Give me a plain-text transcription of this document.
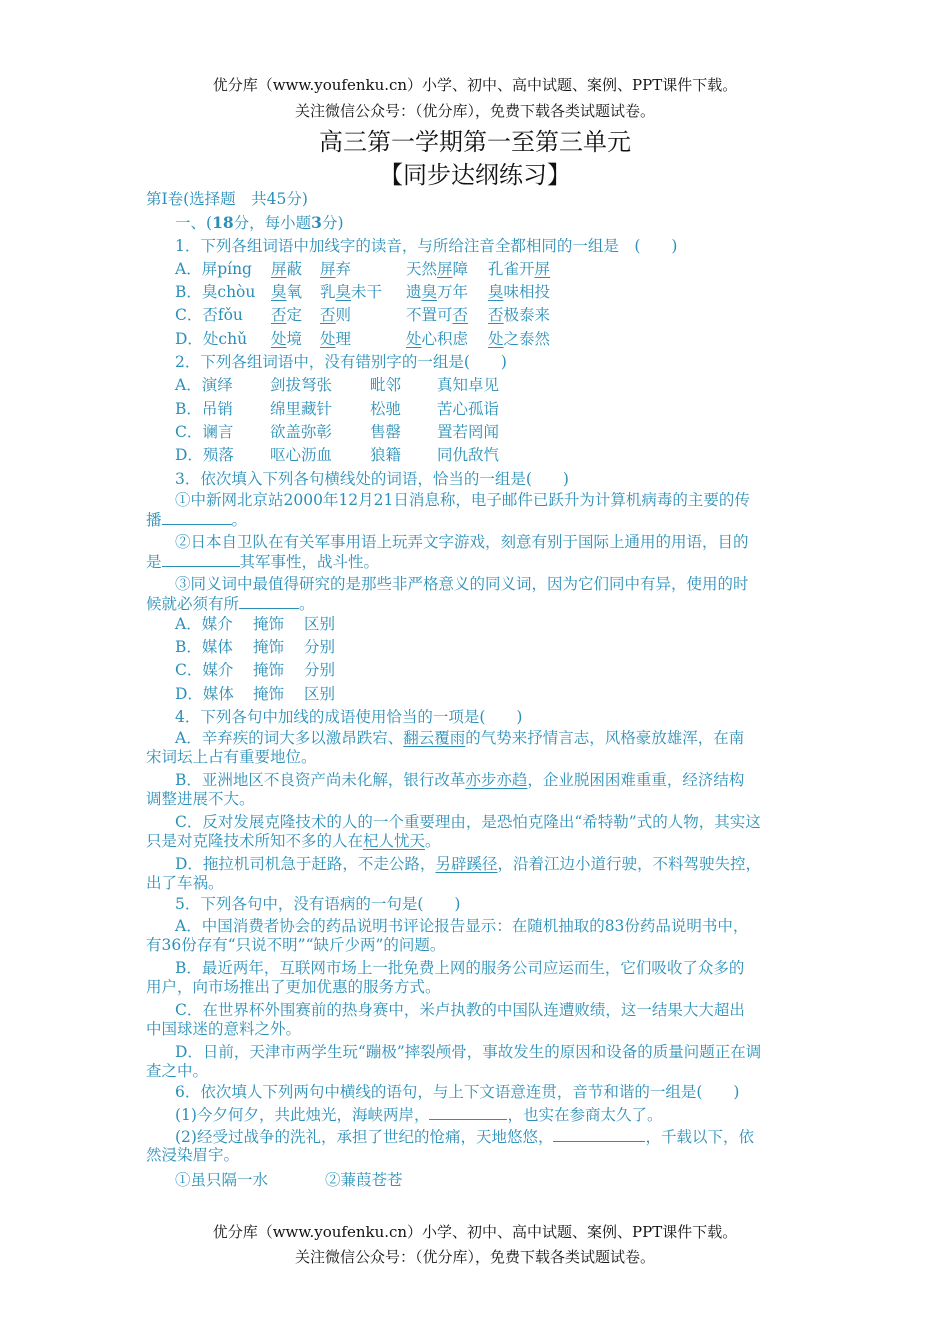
优分库（www.youfenku.cn）小学、初中、高中试题、案例、PPT课件下载。
关注微信公众号：（优分库），免费下载各类试题试卷。
高三第一学期第一至第三单元
【同步达纲练习】
第Ⅰ卷(选择题　共45分)
一、(18分，每小题3分)
1．下列各组词语中加线字的读音，与所给注音全都相同的一组是　(　　)
A．屏píng 屏蔽 屏弃	天然屏障 孔雀开屏
B．臭chòu 臭氧 乳臭未干 遗臭万年 臭味相投
C．否fǒu 否定 否则	不置可否 否极泰来
D．处chǔ 处境 处理	处心积虑 处之泰然
2．下列各组词语中，没有错别字的一组是(　　)
A．演绎 剑拔弩张 毗邻 真知卓见
B．吊销 绵里藏针 松驰 苦心孤诣
C．谰言 欲盖弥彰 售罄 置若罔闻
D．殒落 呕心沥血 狼籍 同仇敌忾
3．依次填入下列各句横线处的词语，恰当的一组是(　　)
①中新网北京站2000年12月21日消息称，电子邮件已跃升为计算机病毒的主要的传
播	。
②日本自卫队在有关军事用语上玩弄文字游戏，刻意有别于国际上通用的用语，目的
是	其军事性，战斗性。
③同义词中最值得研究的是那些非严格意义的同义词，因为它们同中有异，使用的时
候就必须有所	。
A．媒介 掩饰 区别
B．媒体 掩饰 分别
C．媒介 掩饰 分别
D．媒体 掩饰 区别
4．下列各句中加线的成语使用恰当的一项是(　　)
A．辛弃疾的词大多以激昂跌宕、翻云覆雨的气势来抒情言志，风格豪放雄浑，在南
宋词坛上占有重要地位。
B．亚洲地区不良资产尚未化解，银行改革亦步亦趋，企业脱困困难重重，经济结构
调整进展不大。
C．反对发展克隆技术的人的一个重要理由，是恐怕克隆出“希特勒”式的人物，其实这
只是对克隆技术所知不多的人在杞人忧天。
D．拖拉机司机急于赶路，不走公路，另辟蹊径，沿着江边小道行驶，不料驾驶失控，
出了车祸。
5．下列各句中，没有语病的一句是(　　)
A．中国消费者协会的药品说明书评论报告显示：在随机抽取的83份药品说明书中，
有36份存有“只说不明”“缺斤少两”的问题。
B．最近两年，互联网市场上一批免费上网的服务公司应运而生，它们吸收了众多的
用户，向市场推出了更加优惠的服务方式。
C．在世界杯外围赛前的热身赛中，米卢执教的中国队连遭败绩，这一结果大大超出
中国球迷的意料之外。
D．日前，天津市两学生玩“蹦极”摔裂颅骨，事故发生的原因和设备的质量问题正在调
查之中。
6．依次填人下列两句中横线的语句，与上下文语意连贯，音节和谐的一组是(　　)
(1)今夕何夕，共此烛光，海峡两岸，	，也实在参商太久了。
(2)经受过战争的洗礼，承担了世纪的怆痛，天地悠悠，	，千载以下，依
然浸染眉宇。
①虽只隔一水	②蒹葭苍苍
优分库（www.youfenku.cn）小学、初中、高中试题、案例、PPT课件下载。
关注微信公众号：（优分库），免费下载各类试题试卷。
